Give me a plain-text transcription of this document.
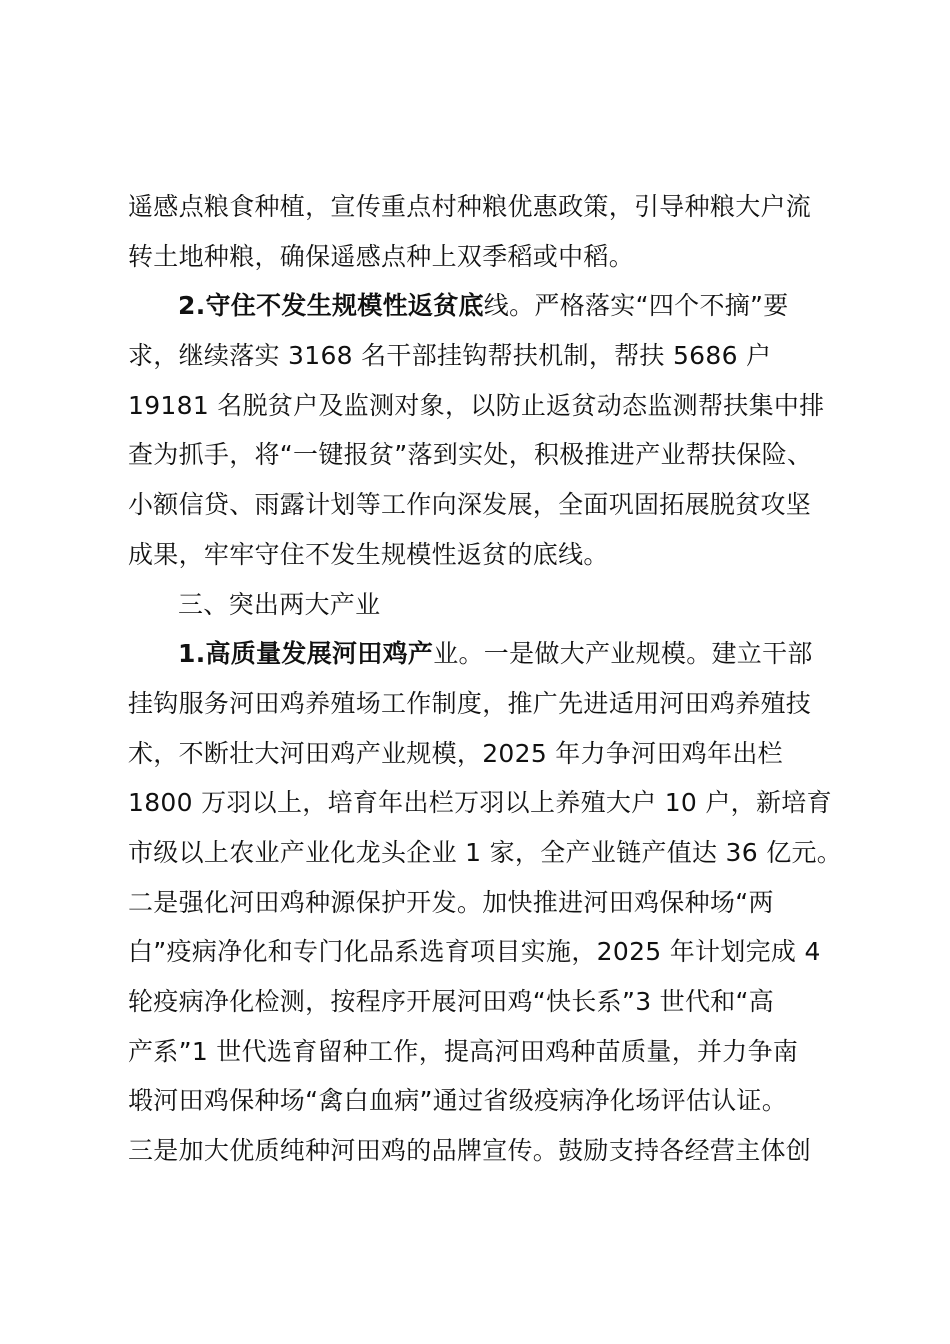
遥感点粮食种植，宣传重点村种粮优惠政策，引导种粮大户流
转土地种粮，确保遥感点种上双季稻或中稻。
2.守住不发生规模性返贫底线。严格落实“四个不摘”要
求，继续落实 3168 名干部挂钩帮扶机制，帮扶 5686 户
19181 名脱贫户及监测对象，以防止返贫动态监测帮扶集中排
查为抓手，将“一键报贫”落到实处，积极推进产业帮扶保险、
小额信贷、雨露计划等工作向深发展，全面巩固拓展脱贫攻坚
成果，牢牢守住不发生规模性返贫的底线。
三、突出两大产业
1.高质量发展河田鸡产业。一是做大产业规模。建立干部
挂钩服务河田鸡养殖场工作制度，推广先进适用河田鸡养殖技
术，不断壮大河田鸡产业规模，2025 年力争河田鸡年出栏
1800 万羽以上，培育年出栏万羽以上养殖大户 10 户，新培育
市级以上农业产业化龙头企业 1 家，全产业链产值达 36 亿元。
二是强化河田鸡种源保护开发。加快推进河田鸡保种场“两
白”疫病净化和专门化品系选育项目实施，2025 年计划完成 4
轮疫病净化检测，按程序开展河田鸡“快长系”3 世代和“高
产系”1 世代选育留种工作，提高河田鸡种苗质量，并力争南
塅河田鸡保种场“禽白血病”通过省级疫病净化场评估认证。
三是加大优质纯种河田鸡的品牌宣传。鼓励支持各经营主体创
